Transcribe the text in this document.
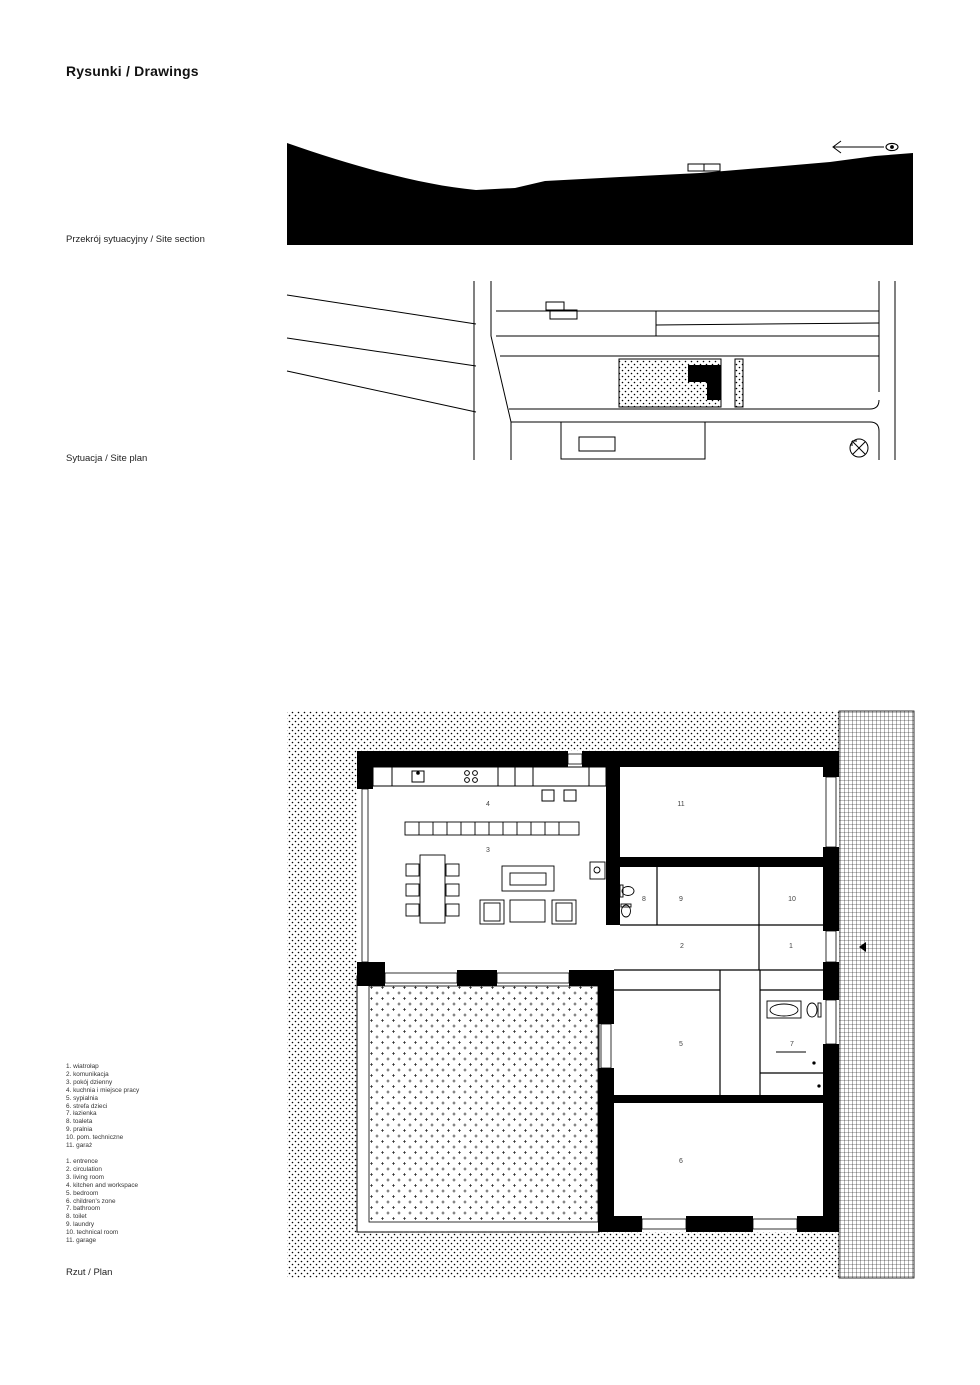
Rysunki / Drawings
Przekrój sytuacyjny / Site section
Sytuacja / Site plan
Rzut / Plan
1. wiatrołap
2. komunikacja
3. pokój dzienny
4. kuchnia i miejsce pracy
5. sypialnia
6. strefa dzieci
7. łazienka
8. toaleta
9. pralnia
10. pom. techniczne
11. garaż
1. entrence
2. circulation
3. living room
4. kitchen and workspace
5. bedroom
6. children's zone
7. bathroom
8. toilet
9. laundry
10. technical room
11. garage
1
2
3
4
5
6
7
8	9	10
11
